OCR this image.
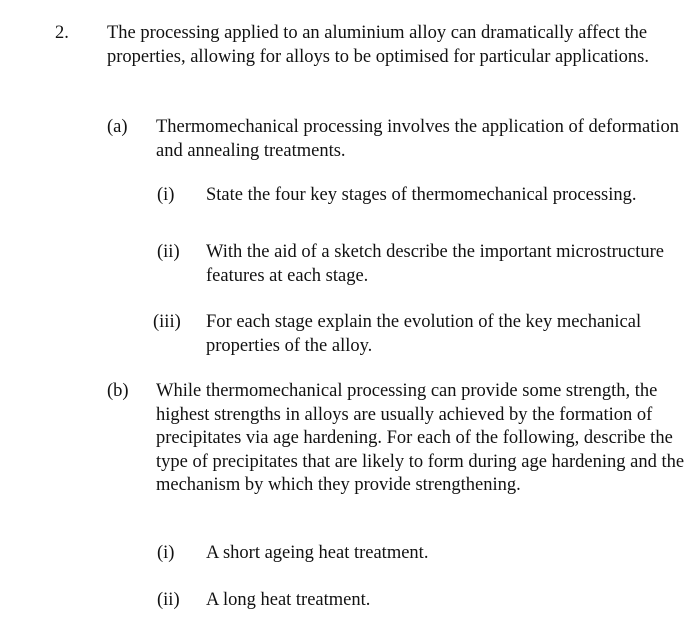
2. The processing applied to an aluminium alloy can dramatically affect the properties, allowing for alloys to be optimised for particular applications.
(a) Thermomechanical processing involves the application of deformation and annealing treatments.
(i) State the four key stages of thermomechanical processing.
(ii) With the aid of a sketch describe the important microstructure features at each stage.
(iii) For each stage explain the evolution of the key mechanical properties of the alloy.
(b) While thermomechanical processing can provide some strength, the highest strengths in alloys are usually achieved by the formation of precipitates via age hardening. For each of the following, describe the type of precipitates that are likely to form during age hardening and the mechanism by which they provide strengthening.
(i) A short ageing heat treatment.
(ii) A long heat treatment.
